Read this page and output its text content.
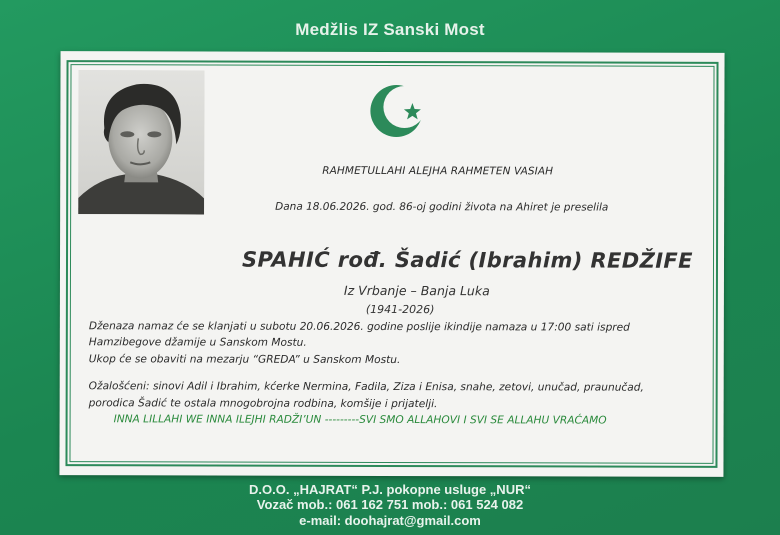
Medžlis IZ Sanski Most
RAHMETULLAHI ALEJHA RAHMETEN VASIAH
Dana 18.06.2026. god. 86-oj godini života na Ahiret je preselila
SPAHIĆ rođ. Šadić (Ibrahim) REDŽIFE
Iz Vrbanje – Banja Luka
(1941-2026)
Dženaza namaz će se klanjati u subotu 20.06.2026. godine poslije ikindije namaza u 17:00 sati ispred
Hamzibegove džamije u Sanskom Mostu.
Ukop će se obaviti na mezarju “GREDA” u Sanskom Mostu.
Ožalošćeni: sinovi Adil i Ibrahim, kćerke Nermina, Fadila, Ziza i Enisa, snahe, zetovi, unučad, praunučad,
porodica Šadić te ostala mnogobrojna rodbina, komšije i prijatelji.
INNA LILLAHI WE INNA ILEJHI RADŽI’UN ---------SVI SMO ALLAHOVI I SVI SE ALLAHU VRAĆAMO
D.O.O. „HAJRAT“ P.J. pokopne usluge „NUR“
Vozač mob.: 061 162 751 mob.: 061 524 082
e-mail: doohajrat@gmail.com
